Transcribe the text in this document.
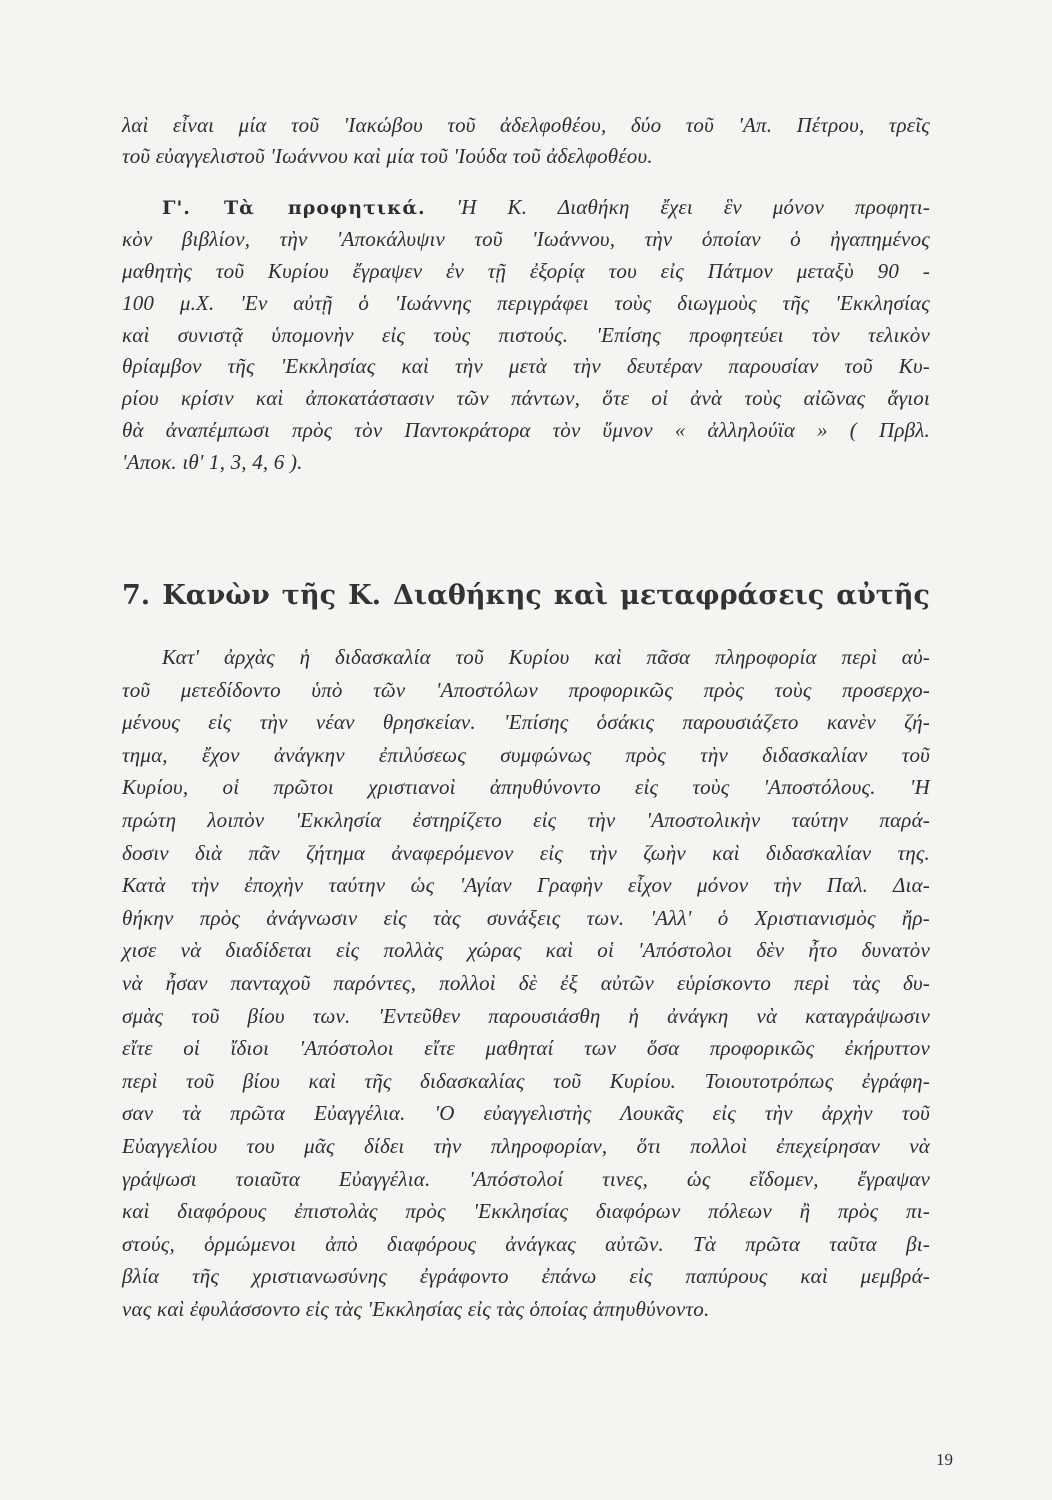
λαὶ εἶναι μία τοῦ 'Ιακώβου τοῦ ἀδελφοθέου, δύο τοῦ 'Απ. Πέτρου, τρεῖς
τοῦ εὐαγγελιστοῦ 'Ιωάννου καὶ μία τοῦ 'Ιούδα τοῦ ἀδελφοθέου.
Γ'. Τὰ προφητικά. 'Η Κ. Διαθήκη ἔχει ἓν μόνον προφητι-
κὸν βιβλίον, τὴν 'Αποκάλυψιν τοῦ 'Ιωάννου, τὴν ὁποίαν ὁ ἠγαπημένος
μαθητὴς τοῦ Κυρίου ἔγραψεν ἐν τῇ ἐξορίᾳ του εἰς Πάτμον μεταξὺ 90 -
100 μ.Χ. 'Εν αὐτῇ ὁ 'Ιωάννης περιγράφει τοὺς διωγμοὺς τῆς 'Εκκλησίας
καὶ συνιστᾷ ὑπομονὴν εἰς τοὺς πιστούς. 'Επίσης προφητεύει τὸν τελικὸν
θρίαμβον τῆς 'Εκκλησίας καὶ τὴν μετὰ τὴν δευτέραν παρουσίαν τοῦ Κυ-
ρίου κρίσιν καὶ ἀποκατάστασιν τῶν πάντων, ὅτε οἱ ἀνὰ τοὺς αἰῶνας ἅγιοι
θὰ ἀναπέμπωσι πρὸς τὸν Παντοκράτορα τὸν ὕμνον « ἀλληλούϊα » ( Πρβλ.
'Αποκ. ιθ' 1, 3, 4, 6 ).
7. Κανὼν τῆς Κ. Διαθήκης καὶ μεταφράσεις αὐτῆς
Κατ' ἀρχὰς ἡ διδασκαλία τοῦ Κυρίου καὶ πᾶσα πληροφορία περὶ αὐ-
τοῦ μετεδίδοντο ὑπὸ τῶν 'Αποστόλων προφορικῶς πρὸς τοὺς προσερχο-
μένους εἰς τὴν νέαν θρησκείαν. 'Επίσης ὁσάκις παρουσιάζετο κανὲν ζή-
τημα, ἔχον ἀνάγκην ἐπιλύσεως συμφώνως πρὸς τὴν διδασκαλίαν τοῦ
Κυρίου, οἱ πρῶτοι χριστιανοὶ ἀπηυθύνοντο εἰς τοὺς 'Αποστόλους. 'Η
πρώτη λοιπὸν 'Εκκλησία ἐστηρίζετο εἰς τὴν 'Αποστολικὴν ταύτην παρά-
δοσιν διὰ πᾶν ζήτημα ἀναφερόμενον εἰς τὴν ζωὴν καὶ διδασκαλίαν της.
Κατὰ τὴν ἐποχὴν ταύτην ὡς 'Αγίαν Γραφὴν εἶχον μόνον τὴν Παλ. Δια-
θήκην πρὸς ἀνάγνωσιν εἰς τὰς συνάξεις των. 'Αλλ' ὁ Χριστιανισμὸς ἤρ-
χισε νὰ διαδίδεται εἰς πολλὰς χώρας καὶ οἱ 'Απόστολοι δὲν ἦτο δυνατὸν
νὰ ἦσαν πανταχοῦ παρόντες, πολλοὶ δὲ ἐξ αὐτῶν εὑρίσκοντο περὶ τὰς δυ-
σμὰς τοῦ βίου των. 'Εντεῦθεν παρουσιάσθη ἡ ἀνάγκη νὰ καταγράψωσιν
εἴτε οἱ ἴδιοι 'Απόστολοι εἴτε μαθηταί των ὅσα προφορικῶς ἐκήρυττον
περὶ τοῦ βίου καὶ τῆς διδασκαλίας τοῦ Κυρίου. Τοιουτοτρόπως ἐγράφη-
σαν τὰ πρῶτα Εὐαγγέλια. 'Ο εὐαγγελιστὴς Λουκᾶς εἰς τὴν ἀρχὴν τοῦ
Εὐαγγελίου του μᾶς δίδει τὴν πληροφορίαν, ὅτι πολλοὶ ἐπεχείρησαν νὰ
γράψωσι τοιαῦτα Εὐαγγέλια. 'Απόστολοί τινες, ὡς εἴδομεν, ἔγραψαν
καὶ διαφόρους ἐπιστολὰς πρὸς 'Εκκλησίας διαφόρων πόλεων ἢ πρὸς πι-
στούς, ὁρμώμενοι ἀπὸ διαφόρους ἀνάγκας αὐτῶν. Τὰ πρῶτα ταῦτα βι-
βλία τῆς χριστιανωσύνης ἐγράφοντο ἐπάνω εἰς παπύρους καὶ μεμβρά-
νας καὶ ἐφυλάσσοντο εἰς τὰς 'Εκκλησίας εἰς τὰς ὁποίας ἀπηυθύνοντο.
19
